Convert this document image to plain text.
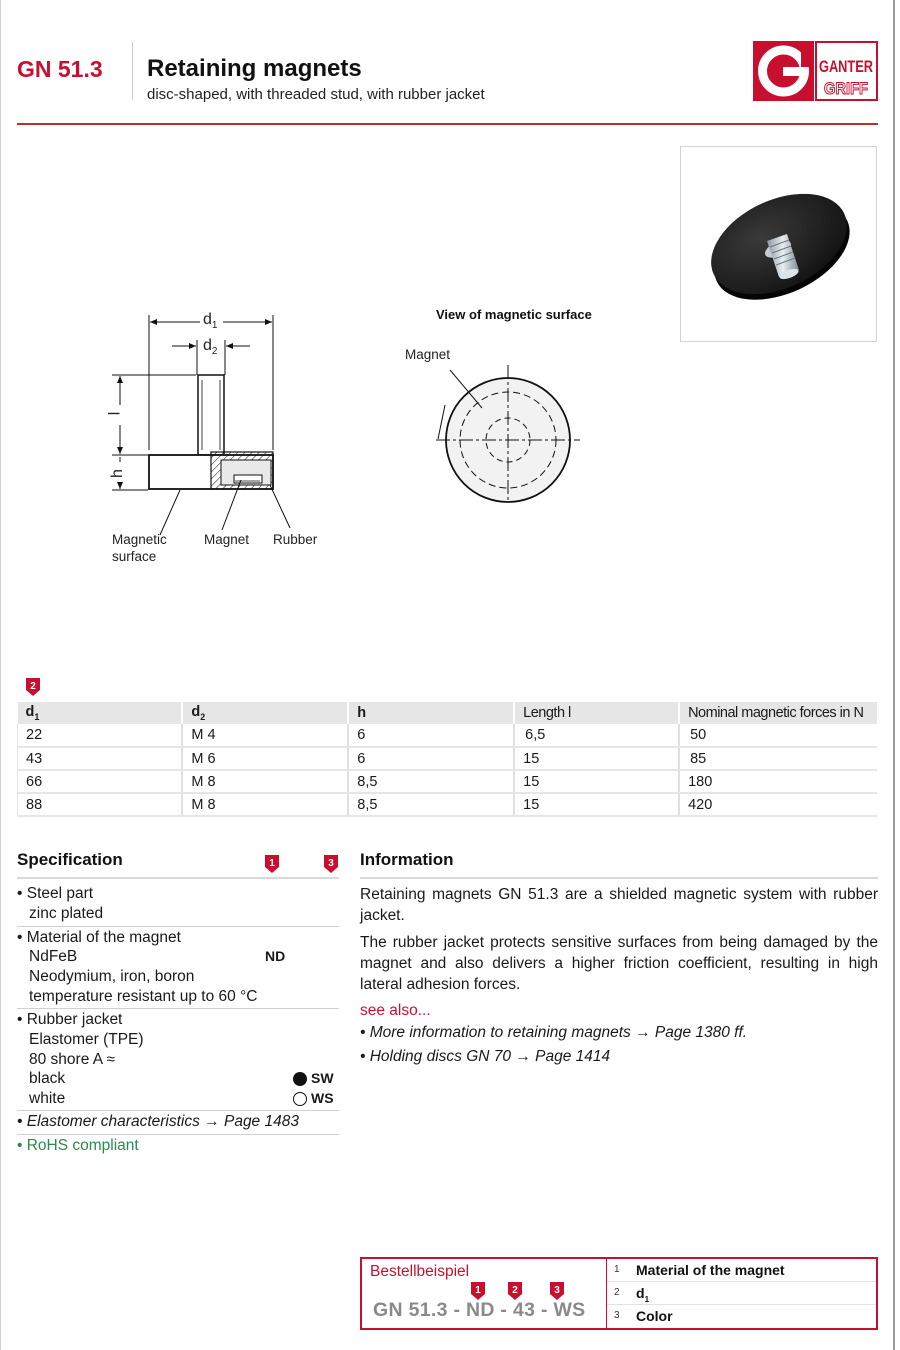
GN 51.3 Retaining magnets
disc-shaped, with threaded stud, with rubber jacket
GANTER
GRIFF
$d_1$
$d_2$
l
h
Magnetic
surface
Magnet Rubber
View of magnetic surface
Magnet
2
$d_1$	$d_2$	h	Length l	Nominal magnetic forces in N
22	M 4	6	6,5	50
43	M 6	6	15	85
66	M 8	8,5	15	180
88	M 8	8,5	15	420
Specification	1	3
• Steel part
zinc plated
• Material of the magnet
NdFeB	ND
Neodymium, iron, boron
temperature resistant up to 60 °C
• Rubber jacket
Elastomer (TPE)
80 shore A ≈
black	SW
white	WS
• Elastomer characteristics → Page 1483
• RoHS compliant
Information
Retaining magnets GN 51.3 are a shielded magnetic system with rubber jacket.
The rubber jacket protects sensitive surfaces from being damaged by the magnet and also delivers a higher friction coefficient, resulting in high lateral adhesion forces.
see also...
• More information to retaining magnets → Page 1380 ff.
• Holding discs GN 70 → Page 1414
Bestellbeispiel
1	2	3
GN 51.3 - ND - 43 - WS
1 Material of the magnet
2 $d_1$
3 Color
